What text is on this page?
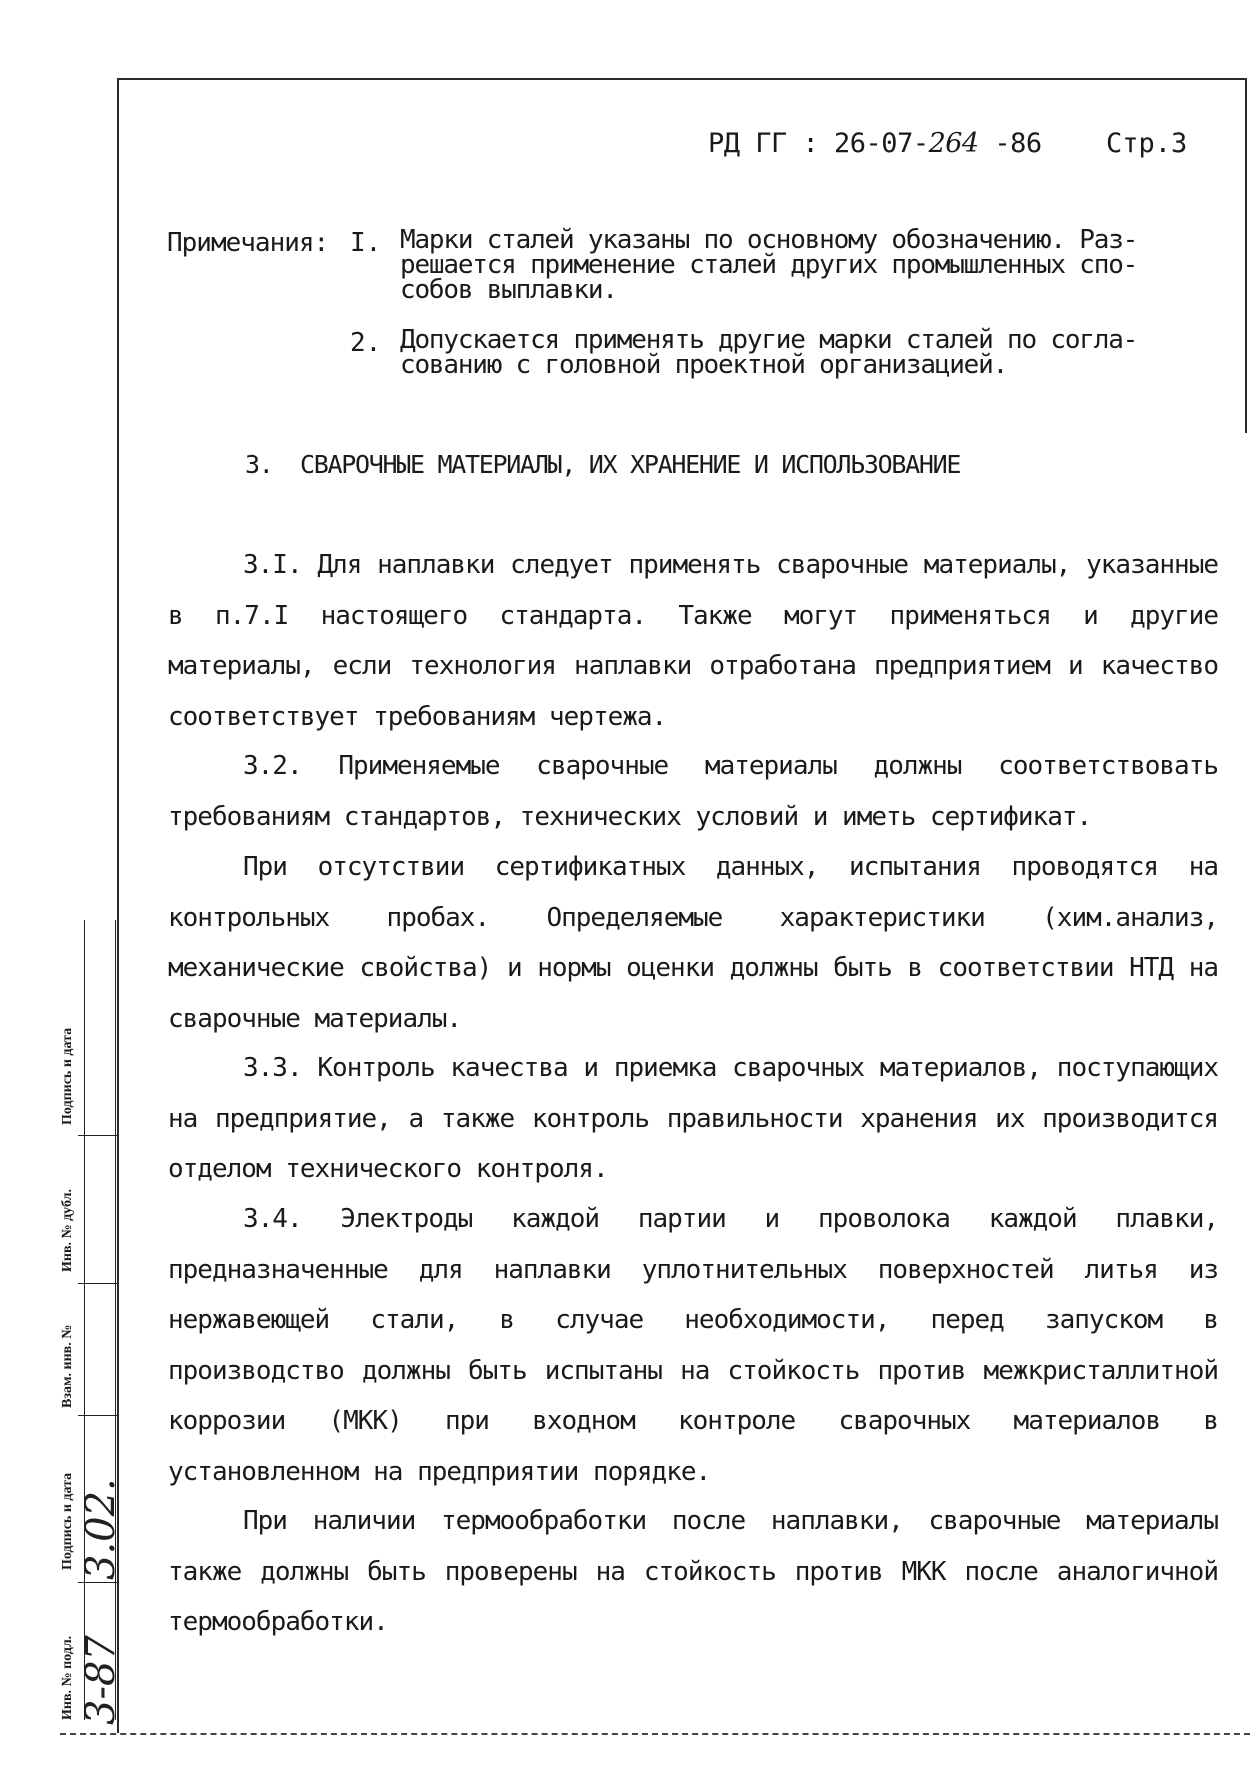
РД ГГ : 26-07-264 -86 Стр.3
Примечания: I. Марки сталей указаны по основному обозначению. Раз-
решается применение сталей других промышленных спо-
собов выплавки.
2. Допускается применять другие марки сталей по согла-
сованию с головной проектной организацией.
3. СВАРОЧНЫЕ МАТЕРИАЛЫ, ИХ ХРАНЕНИЕ И ИСПОЛЬЗОВАНИЕ

3.I. Для наплавки следует применять сварочные материалы, указанные в п.7.I настоящего стандарта. Также могут применяться и другие материалы, если технология наплавки отработана предприятием и качество соответствует требованиям чертежа.

3.2. Применяемые сварочные материалы должны соответствовать требованиям стандартов, технических условий и иметь сертификат.

При отсутствии сертификатных данных, испытания проводятся на контрольных пробах. Определяемые характеристики (хим.анализ, механические свойства) и нормы оценки должны быть в соответствии НТД на сварочные материалы.

3.3. Контроль качества и приемка сварочных материалов, поступающих на предприятие, а также контроль правильности хранения их производится отделом технического контроля.

3.4. Электроды каждой партии и проволока каждой плавки, предназначенные для наплавки уплотнительных поверхностей литья из нержавеющей стали, в случае необходимости, перед запуском в производство должны быть испытаны на стойкость против межкристаллитной коррозии (МКК) при входном контроле сварочных материалов в установленном на предприятии порядке.

При наличии термообработки после наплавки, сварочные материалы также должны быть проверены на стойкость против МКК после аналогичной термообработки.

Подпись и дата
Инв. № дубл.
Взам. инв. №
Подпись и дата
Инв. № подл.
3.02.
3-87
